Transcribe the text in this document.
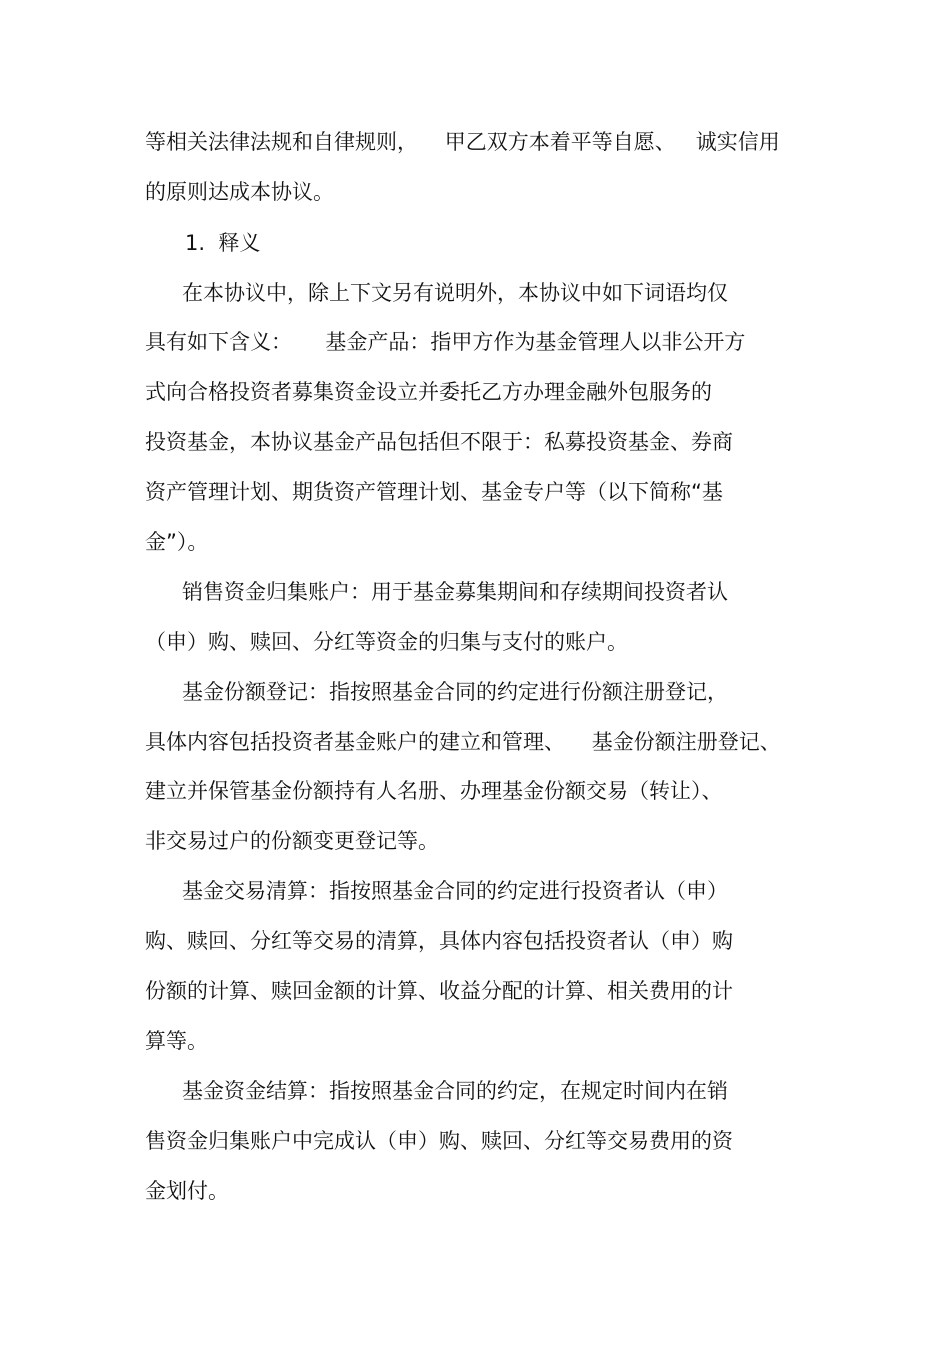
等相关法律法规和自律规则，    甲乙双方本着平等自愿、   诚实信用
的原则达成本协议。
1.  释义
在本协议中，除上下文另有说明外，本协议中如下词语均仅
具有如下含义：     基金产品：指甲方作为基金管理人以非公开方
式向合格投资者募集资金设立并委托乙方办理金融外包服务的
投资基金，本协议基金产品包括但不限于：私募投资基金、券商
资产管理计划、期货资产管理计划、基金专户等（以下简称“基
金”）。
销售资金归集账户：用于基金募集期间和存续期间投资者认
（申）购、赎回、分红等资金的归集与支付的账户。
基金份额登记：指按照基金合同的约定进行份额注册登记，
具体内容包括投资者基金账户的建立和管理、    基金份额注册登记、
建立并保管基金份额持有人名册、办理基金份额交易（转让）、
非交易过户的份额变更登记等。
基金交易清算：指按照基金合同的约定进行投资者认（申）
购、赎回、分红等交易的清算，具体内容包括投资者认（申）购
份额的计算、赎回金额的计算、收益分配的计算、相关费用的计
算等。
基金资金结算：指按照基金合同的约定，在规定时间内在销
售资金归集账户中完成认（申）购、赎回、分红等交易费用的资
金划付。
